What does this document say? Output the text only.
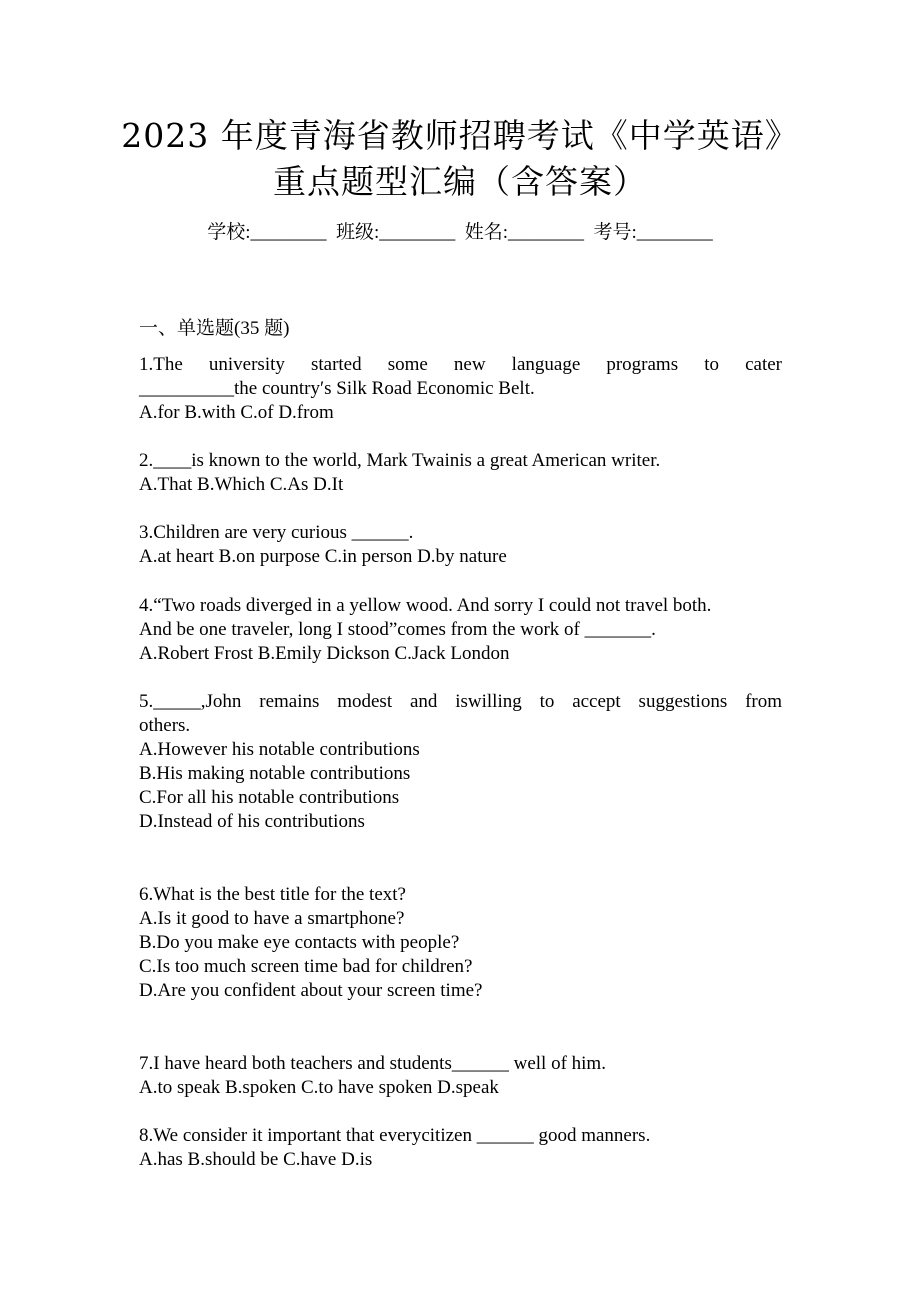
2023 年度青海省教师招聘考试《中学英语》
重点题型汇编（含答案）
学校:________  班级:________  姓名:________  考号:________
一、单选题(35 题)
1.The university started some new language programs to cater
__________the country′s Silk Road Economic Belt.
A.for B.with C.of D.from
2.____is known to the world, Mark Twainis a great American writer.
A.That B.Which C.As D.It
3.Children are very curious ______.
A.at heart B.on purpose C.in person D.by nature
4.“Two roads diverged in a yellow wood. And sorry I could not travel both.
And be one traveler, long I stood”comes from the work of _______.
A.Robert Frost B.Emily Dickson C.Jack London
5._____,John remains modest and iswilling to accept suggestions from
others.
A.However his notable contributions
B.His making notable contributions
C.For all his notable contributions
D.Instead of his contributions
6.What is the best title for the text?
A.Is it good to have a smartphone?
B.Do you make eye contacts with people?
C.Is too much screen time bad for children?
D.Are you confident about your screen time?
7.I have heard both teachers and students______ well of him.
A.to speak B.spoken C.to have spoken D.speak
8.We consider it important that everycitizen ______ good manners.
A.has B.should be C.have D.is
